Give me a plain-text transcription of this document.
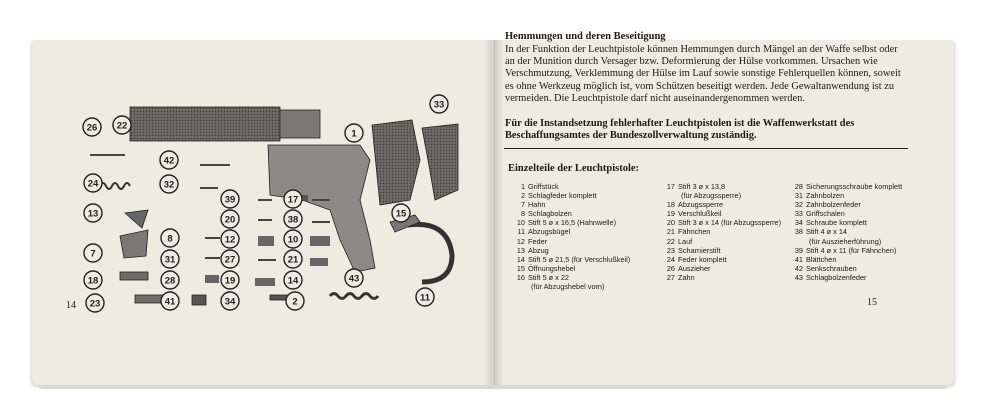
26 22
42
32
24
13
7
18
23
39
20
12
8
27
31
28	19
41	34
17
38
10
21
14
2
43
33
1
15
11
14
Hemmungen und deren Beseitigung

In der Funktion der Leuchtpistole können Hemmungen durch Mängel an der Waffe selbst oder an der Munition durch Versager bzw. Deformierung der Hülse vorkommen. Ursachen wie Verschmutzung, Verklemmung der Hülse im Lauf sowie sonstige Fehlerquellen können, soweit es ohne Werkzeug möglich ist, vom Schützen beseitigt werden. Jede Gewaltanwendung ist zu vermeiden. Die Leuchtpistole darf nicht auseinandergenommen werden.

Für die Instandsetzung fehlerhafter Leuchtpistolen ist die Waffenwerkstatt des Beschaffungsamtes der Bundeszollverwaltung zuständig.

Einzelteile der Leuchtpistole:
1 Griffstück
2 Schlagfeder komplett
7 Hahn
8 Schlagbolzen
10 Stift 5 ø x 16,5 (Hahnwelle)
11 Abzugsbügel
12 Feder
13 Abzug
14 Stift 5 ø 21,5 (für Verschlußkeil)
15 Öffnungshebel
16 Stift 5 ø x 22
(für Abzugshebel vorn)
17 Stift 3 ø x 13,8
(für Abzugssperre)
18 Abzugssperre
19 Verschlußkeil
20 Stift 3 ø x 14 (für Abzugssperre)
21 Fähnchen
22 Lauf
23 Scharnierstift
24 Feder komplett
26 Auszieher
27 Zahn
28 Sicherungsschraube komplett
31 Zahnbolzen
32 Zahnbolzenfeder
33 Griffschalen
34 Schraube komplett
38 Stift 4 ø x 14
(für Auszieherführung)
39 Stift 4 ø x 11 (für Fähnchen)
41 Blättchen
42 Senkschrauben
43 Schlagbolzenfeder
15
